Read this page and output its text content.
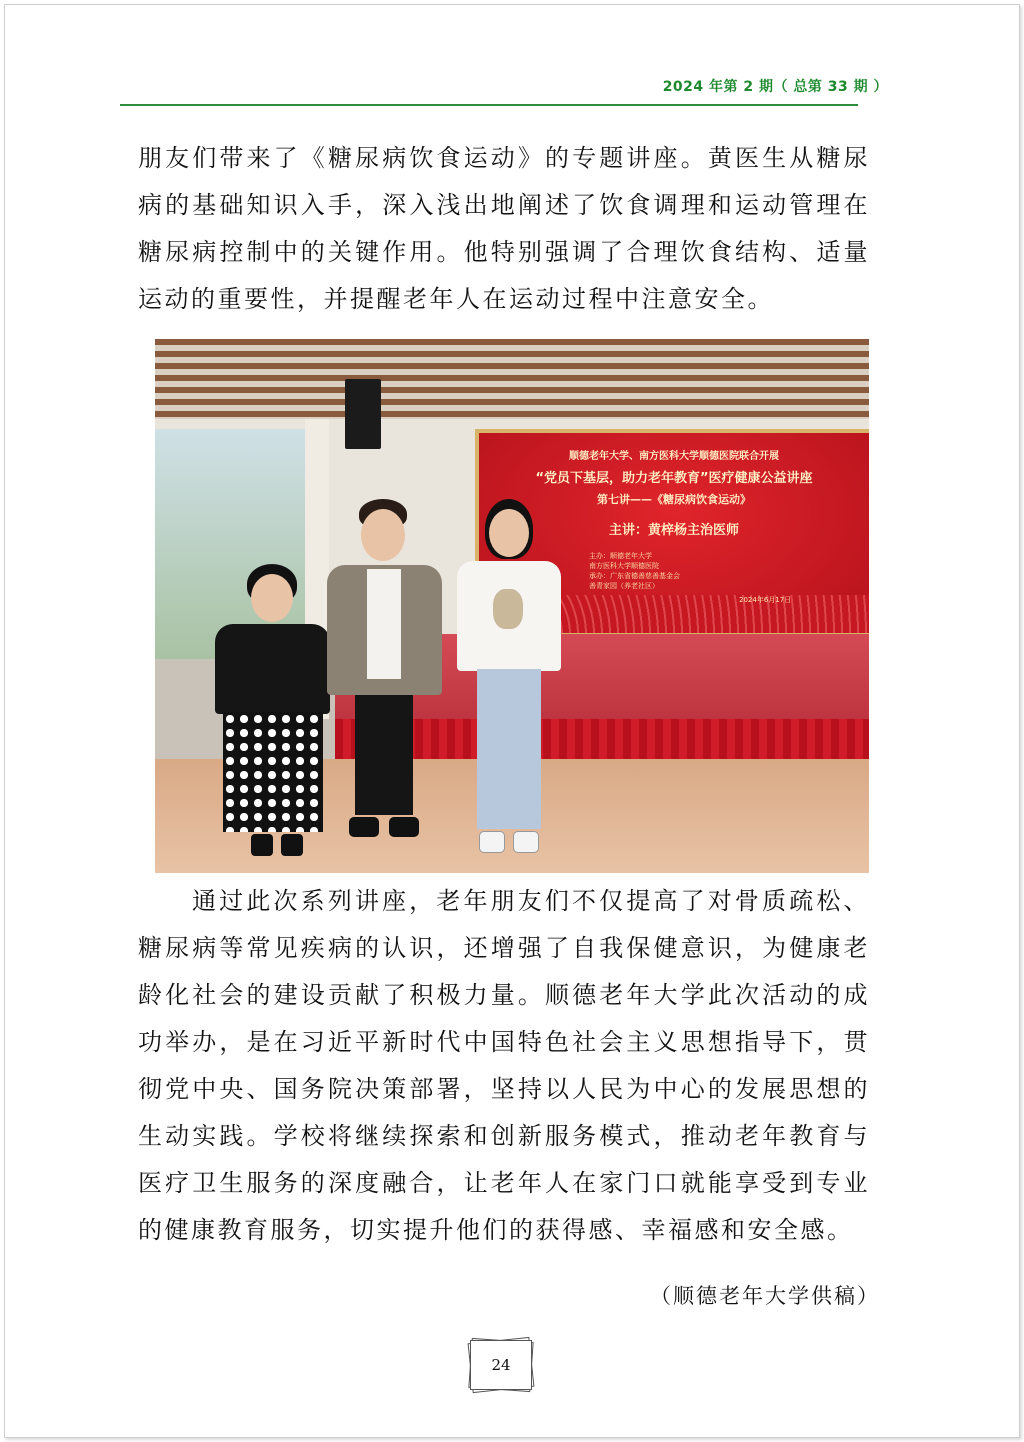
2024 年第 2 期（ 总第 33 期 ）

朋友们带来了《糖尿病饮食运动》的专题讲座。黄医生从糖尿病的基础知识入手，深入浅出地阐述了饮食调理和运动管理在糖尿病控制中的关键作用。他特别强调了合理饮食结构、适量运动的重要性，并提醒老年人在运动过程中注意安全。

顺德老年大学、南方医科大学顺德医院联合开展
“党员下基层，助力老年教育”医疗健康公益讲座
第七讲——《糖尿病饮食运动》
主讲：黄梓杨主治医师
主办：顺德老年大学
南方医科大学顺德医院
承办：广东省德善慈善基金会
善青家园（养老社区）
2024年6月17日

通过此次系列讲座，老年朋友们不仅提高了对骨质疏松、糖尿病等常见疾病的认识，还增强了自我保健意识，为健康老龄化社会的建设贡献了积极力量。顺德老年大学此次活动的成功举办，是在习近平新时代中国特色社会主义思想指导下，贯彻党中央、国务院决策部署，坚持以人民为中心的发展思想的生动实践。学校将继续探索和创新服务模式，推动老年教育与医疗卫生服务的深度融合，让老年人在家门口就能享受到专业的健康教育服务，切实提升他们的获得感、幸福感和安全感。

（顺德老年大学供稿）
24
